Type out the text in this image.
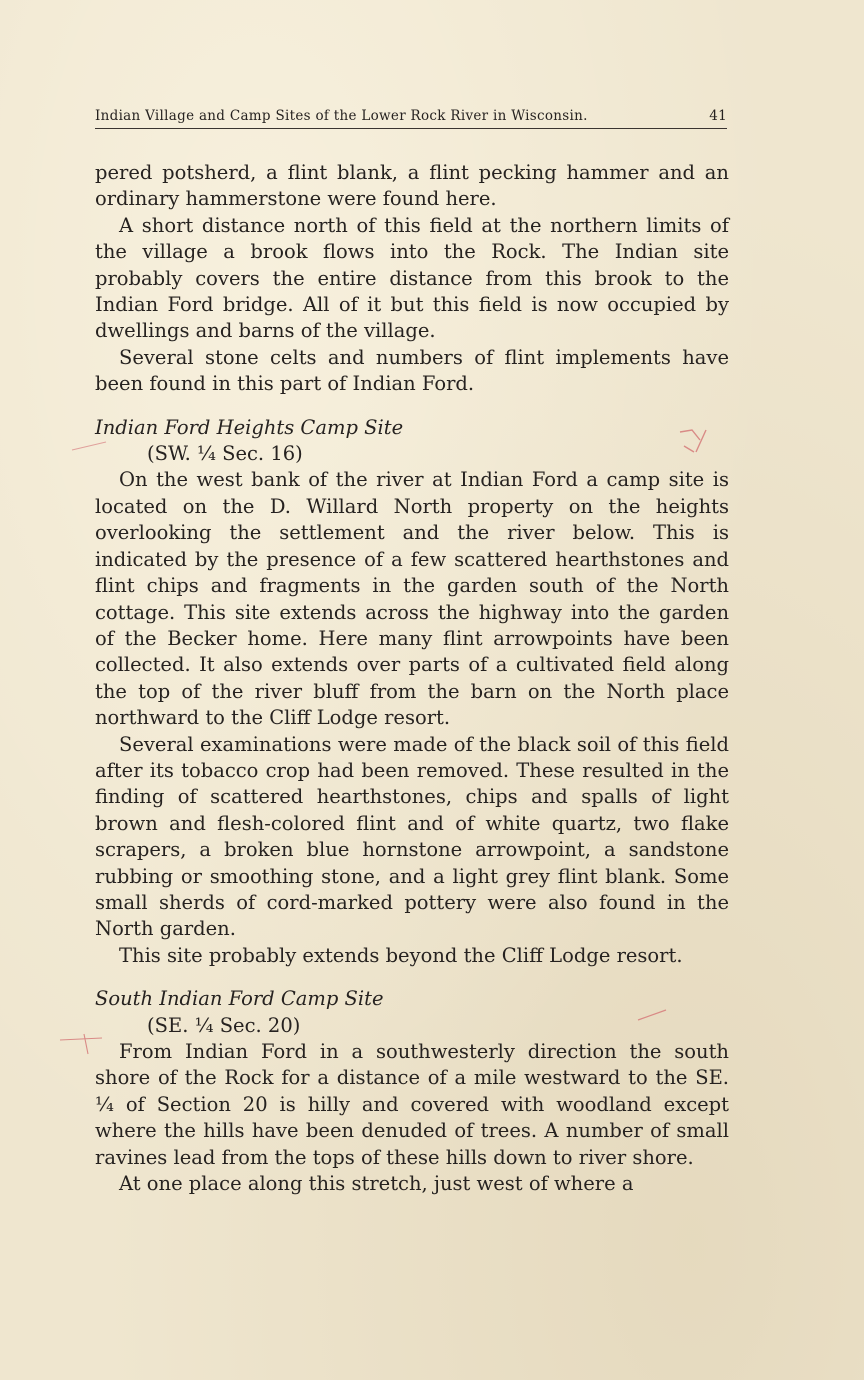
Indian Village and Camp Sites of the Lower Rock River in Wisconsin.	41

pered potsherd, a flint blank, a flint pecking hammer and an ordinary hammerstone were found here.

A short distance north of this field at the northern limits of the village a brook flows into the Rock. The Indian site probably covers the entire distance from this brook to the Indian Ford bridge. All of it but this field is now occupied by dwellings and barns of the village.

Several stone celts and numbers of flint implements have been found in this part of Indian Ford.

Indian Ford Heights Camp Site
(SW. ¼ Sec. 16)

On the west bank of the river at Indian Ford a camp site is located on the D. Willard North property on the heights overlooking the settlement and the river below. This is indicated by the presence of a few scattered hearthstones and flint chips and fragments in the garden south of the North cottage. This site extends across the highway into the garden of the Becker home. Here many flint arrowpoints have been collected. It also extends over parts of a cultivated field along the top of the river bluff from the barn on the North place northward to the Cliff Lodge resort.

Several examinations were made of the black soil of this field after its tobacco crop had been removed. These resulted in the finding of scattered hearthstones, chips and spalls of light brown and flesh-colored flint and of white quartz, two flake scrapers, a broken blue hornstone arrowpoint, a sandstone rubbing or smoothing stone, and a light grey flint blank. Some small sherds of cord-marked pottery were also found in the North garden.

This site probably extends beyond the Cliff Lodge resort.

South Indian Ford Camp Site
(SE. ¼ Sec. 20)

From Indian Ford in a southwesterly direction the south shore of the Rock for a distance of a mile westward to the SE. ¼ of Section 20 is hilly and covered with woodland except where the hills have been denuded of trees. A number of small ravines lead from the tops of these hills down to river shore.

At one place along this stretch, just west of where a
